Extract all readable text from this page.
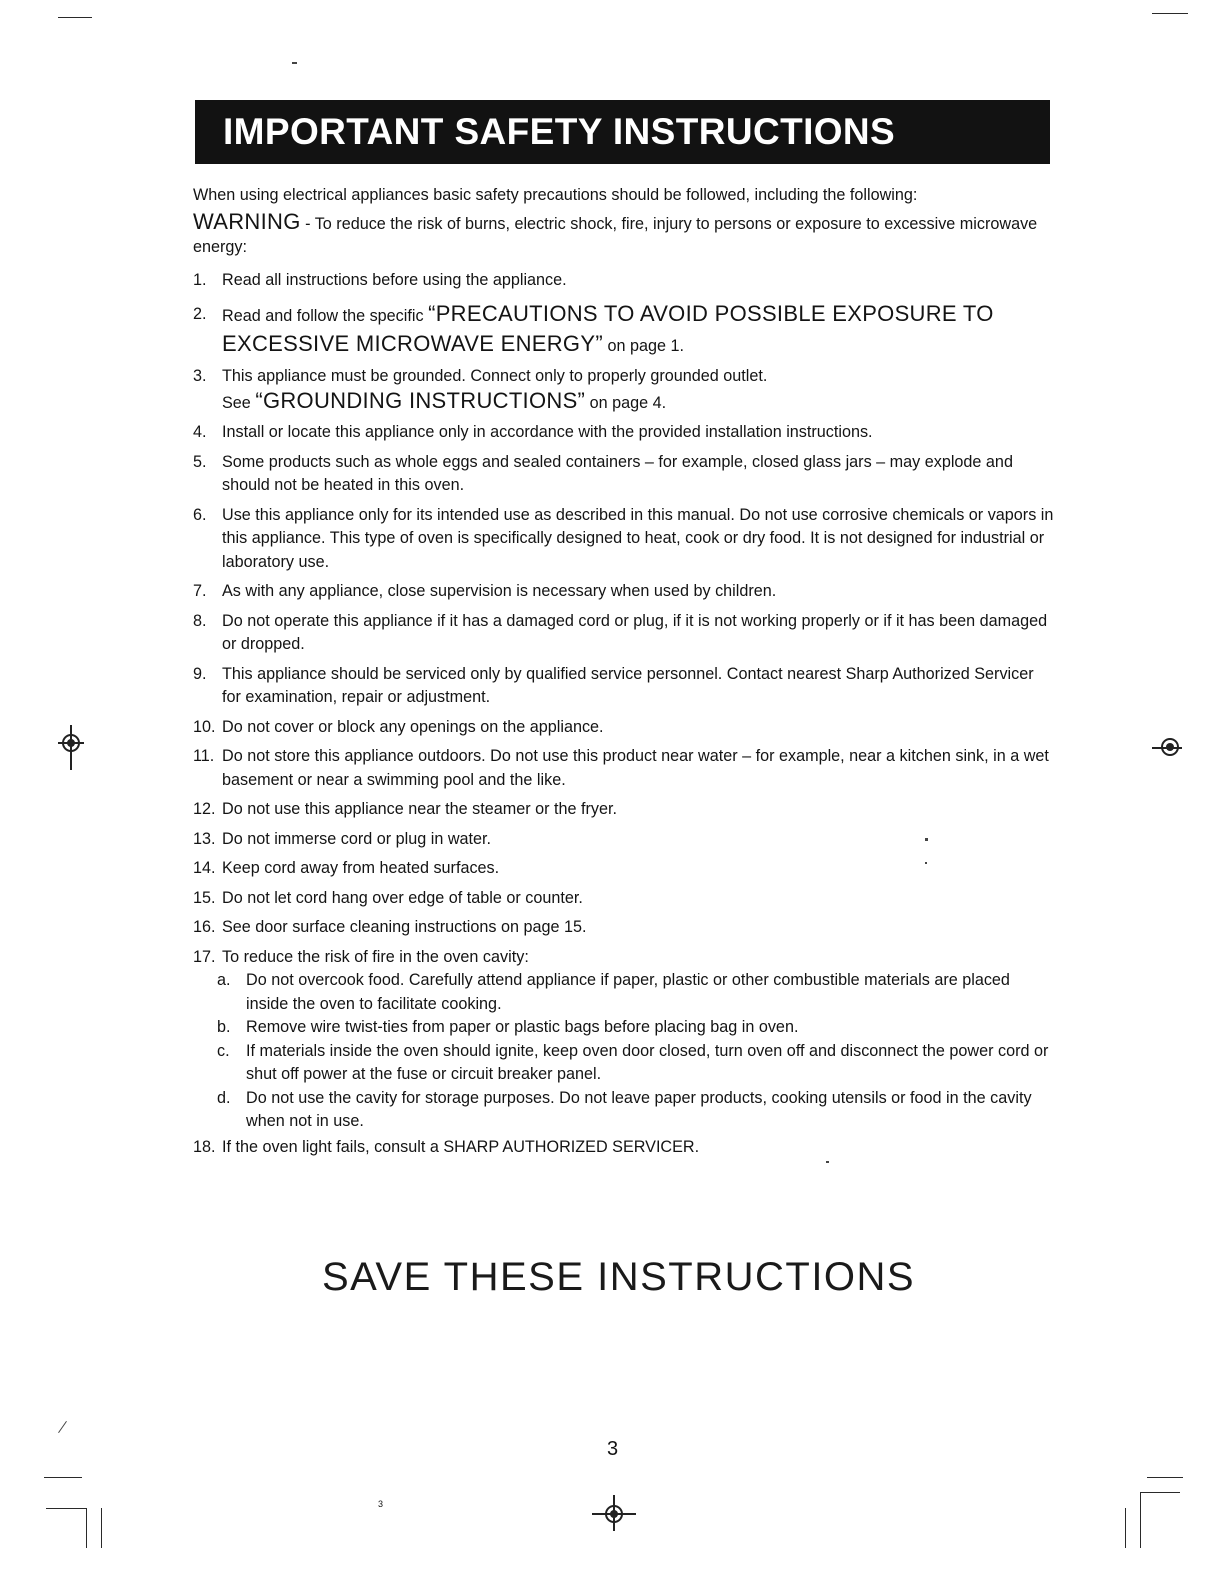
IMPORTANT SAFETY INSTRUCTIONS

When using electrical appliances basic safety precautions should be followed, including the following:

WARNING - To reduce the risk of burns, electric shock, fire, injury to persons or exposure to excessive microwave energy:

1. Read all instructions before using the appliance.
2. Read and follow the specific “PRECAUTIONS TO AVOID POSSIBLE EXPOSURE TO EXCESSIVE MICROWAVE ENERGY” on page 1.
3. This appliance must be grounded. Connect only to properly grounded outlet.
See “GROUNDING INSTRUCTIONS” on page 4.
4. Install or locate this appliance only in accordance with the provided installation instructions.
5. Some products such as whole eggs and sealed containers – for example, closed glass jars – may explode and should not be heated in this oven.
6. Use this appliance only for its intended use as described in this manual. Do not use corrosive chemicals or vapors in this appliance. This type of oven is specifically designed to heat, cook or dry food. It is not designed for industrial or laboratory use.
7. As with any appliance, close supervision is necessary when used by children.
8. Do not operate this appliance if it has a damaged cord or plug, if it is not working properly or if it has been damaged or dropped.
9. This appliance should be serviced only by qualified service personnel. Contact nearest Sharp Authorized Servicer for examination, repair or adjustment.
10. Do not cover or block any openings on the appliance.
11. Do not store this appliance outdoors. Do not use this product near water – for example, near a kitchen sink, in a wet basement or near a swimming pool and the like.
12. Do not use this appliance near the steamer or the fryer.
13. Do not immerse cord or plug in water.
14. Keep cord away from heated surfaces.
15. Do not let cord hang over edge of table or counter.
16. See door surface cleaning instructions on page 15.
17. To reduce the risk of fire in the oven cavity:
a. Do not overcook food. Carefully attend appliance if paper, plastic or other combustible materials are placed inside the oven to facilitate cooking.
b. Remove wire twist-ties from paper or plastic bags before placing bag in oven.
c. If materials inside the oven should ignite, keep oven door closed, turn oven off and disconnect the power cord or shut off power at the fuse or circuit breaker panel.
d. Do not use the cavity for storage purposes. Do not leave paper products, cooking utensils or food in the cavity when not in use.
18. If the oven light fails, consult a SHARP AUTHORIZED SERVICER.
SAVE THESE INSTRUCTIONS
3
3
